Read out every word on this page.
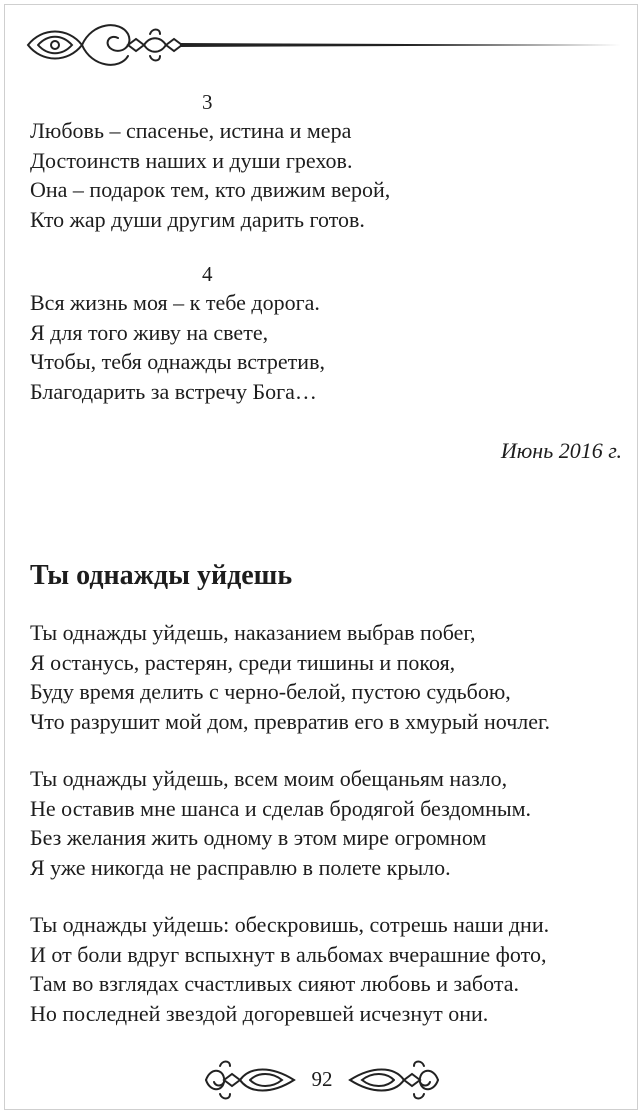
3
Любовь – спасенье, истина и мера
Достоинств наших и души грехов.
Она – подарок тем, кто движим верой,
Кто жар души другим дарить готов.
4
Вся жизнь моя – к тебе дорога.
Я для того живу на свете,
Чтобы, тебя однажды встретив,
Благодарить за встречу Бога…
Июнь 2016 г.
Ты однажды уйдешь
Ты однажды уйдешь, наказанием выбрав побег,
Я останусь, растерян, среди тишины и покоя,
Буду время делить с черно-белой, пустою судьбою,
Что разрушит мой дом, превратив его в хмурый ночлег.
Ты однажды уйдешь, всем моим обещаньям назло,
Не оставив мне шанса и сделав бродягой бездомным.
Без желания жить одному в этом мире огромном
Я уже никогда не расправлю в полете крыло.
Ты однажды уйдешь: обескровишь, сотрешь наши дни.
И от боли вдруг вспыхнут в альбомах вчерашние фото,
Там во взглядах счастливых сияют любовь и забота.
Но последней звездой догоревшей исчезнут они.
92
